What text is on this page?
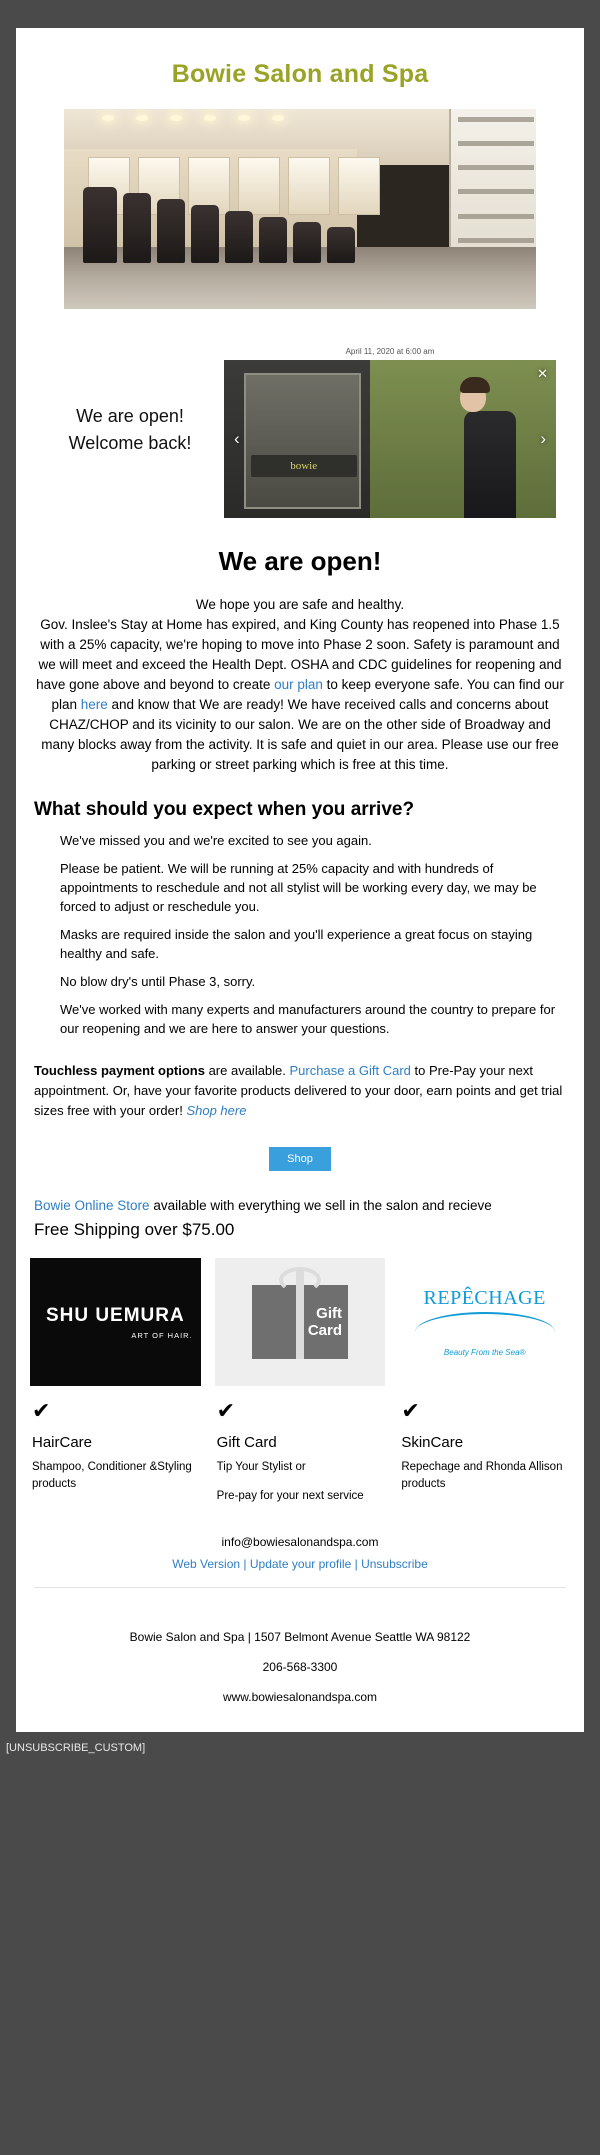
Bowie Salon and Spa
We are open!
Welcome back!
April 11, 2020 at 6:00 am
bowie
‹	›
✕
We are open!
We hope you are safe and healthy.
Gov. Inslee's Stay at Home has expired, and King County has reopened into Phase 1.5 with a 25% capacity, we're hoping to move into Phase 2 soon. Safety is paramount and we will meet and exceed the Health Dept. OSHA and CDC guidelines for reopening and have gone above and beyond to create our plan to keep everyone safe. You can find our plan here and know that We are ready! We have received calls and concerns about CHAZ/CHOP and its vicinity to our salon. We are on the other side of Broadway and many blocks away from the activity. It is safe and quiet in our area. Please use our free parking or street parking which is free at this time.
What should you expect when you arrive?

We've missed you and we're excited to see you again.

Please be patient. We will be running at 25% capacity and with hundreds of appointments to reschedule and not all stylist will be working every day, we may be forced to adjust or reschedule you.

Masks are required inside the salon and you'll experience a great focus on staying healthy and safe.

No blow dry's until Phase 3, sorry.

We've worked with many experts and manufacturers around the country to prepare for our reopening and we are here to answer your questions.

Touchless payment options are available. Purchase a Gift Card to Pre-Pay your next appointment. Or, have your favorite products delivered to your door, earn points and get trial sizes free with your order! Shop here
Shop
Bowie Online Store available with everything we sell in the salon and recieve
Free Shipping over $75.00
SHU UEMURA
ART OF HAIR.
✔
HairCare
Shampoo, Conditioner &Styling products
Gift
Card
✔
Gift Card
Tip Your Stylist or
Pre-pay for your next service
REPÊCHAGE
Beauty From the Sea®
✔
SkinCare
Repechage and Rhonda Allison products
info@bowiesalonandspa.com
Web Version | Update your profile | Unsubscribe
Bowie Salon and Spa | 1507 Belmont Avenue Seattle WA 98122
206-568-3300
www.bowiesalonandspa.com
[UNSUBSCRIBE_CUSTOM]
